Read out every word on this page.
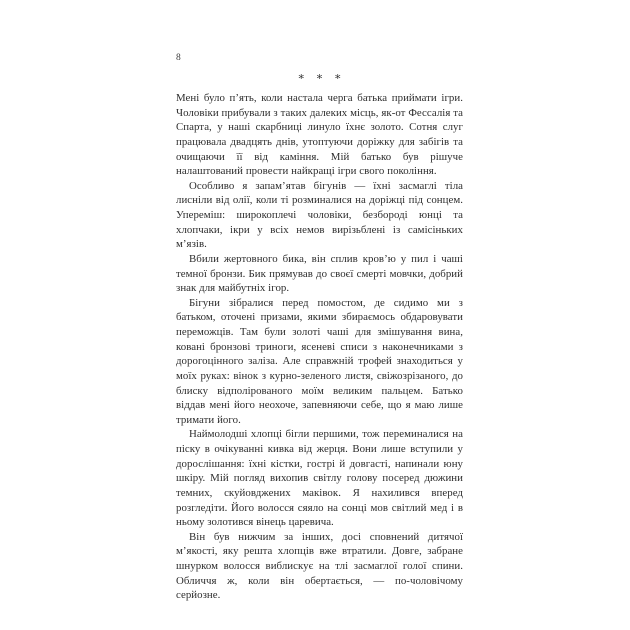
8
∗ ∗ ∗

Мені було п’ять, коли настала черга батька приймати ігри. Чоловіки прибували з таких далеких місць, як-от Фессалія та Спарта, у наші скарбниці линуло їхнє золото. Сотня слуг працювала двадцять днів, утоптуючи доріжку для забігів та очищаючи її від каміння. Мій батько був рішуче налаштований провести найкращі ігри свого покоління.

Особливо я запам’ятав бігунів — їхні засмаглі тіла лисніли від олії, коли ті розминалися на доріжці під сонцем. Упереміш: широкоплечі чоловіки, безбороді юнці та хлопчаки, ікри у всіх немов вирізьблені із самісіньких м’язів.

Вбили жертовного бика, він сплив кров’ю у пил і чаші темної бронзи. Бик прямував до своєї смерті мовчки, добрий знак для майбутніх ігор.

Бігуни зібралися перед помостом, де сидимо ми з батьком, оточені призами, якими збираємось обдаровувати переможців. Там були золоті чаші для змішування вина, ковані бронзові триноги, ясеневі списи з наконечниками з дорогоцінного заліза. Але справжній трофей знаходиться у моїх руках: вінок з курно-зеленого листя, свіжозрізаного, до блиску відполірованого моїм великим пальцем. Батько віддав мені його неохоче, запевняючи себе, що я маю лише тримати його.

Наймолодші хлопці бігли першими, тож переминалися на піску в очікуванні кивка від жерця. Вони лише вступили у дорослішання: їхні кістки, гострі й довгасті, напинали юну шкіру. Мій погляд вихопив світлу голову посеред дюжини темних, скуйовджених маківок. Я нахилився вперед розгледіти. Його волосся сяяло на сонці мов світлий мед і в ньому золотився вінець царевича.

Він був нижчим за інших, досі сповнений дитячої м’якості, яку решта хлопців вже втратили. Довге, забране шнурком волосся виблискує на тлі засмаглої голої спини. Обличчя ж, коли він обертається, — по-чоловічому серйозне.
